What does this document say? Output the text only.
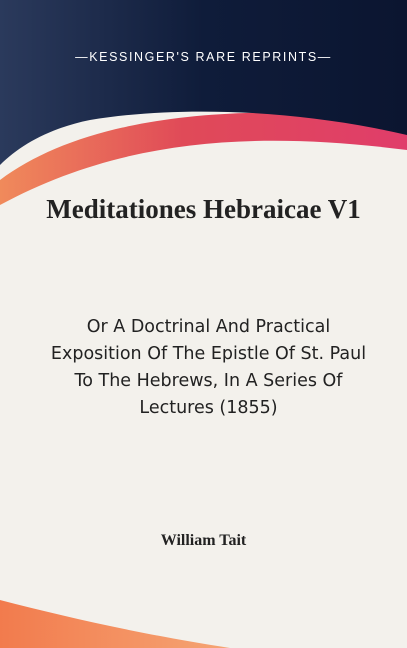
—KESSINGER'S RARE REPRINTS—
Meditationes Hebraicae V1
Or A Doctrinal And Practical Exposition Of The Epistle Of St. Paul To The Hebrews, In A Series Of Lectures (1855)
William Tait
